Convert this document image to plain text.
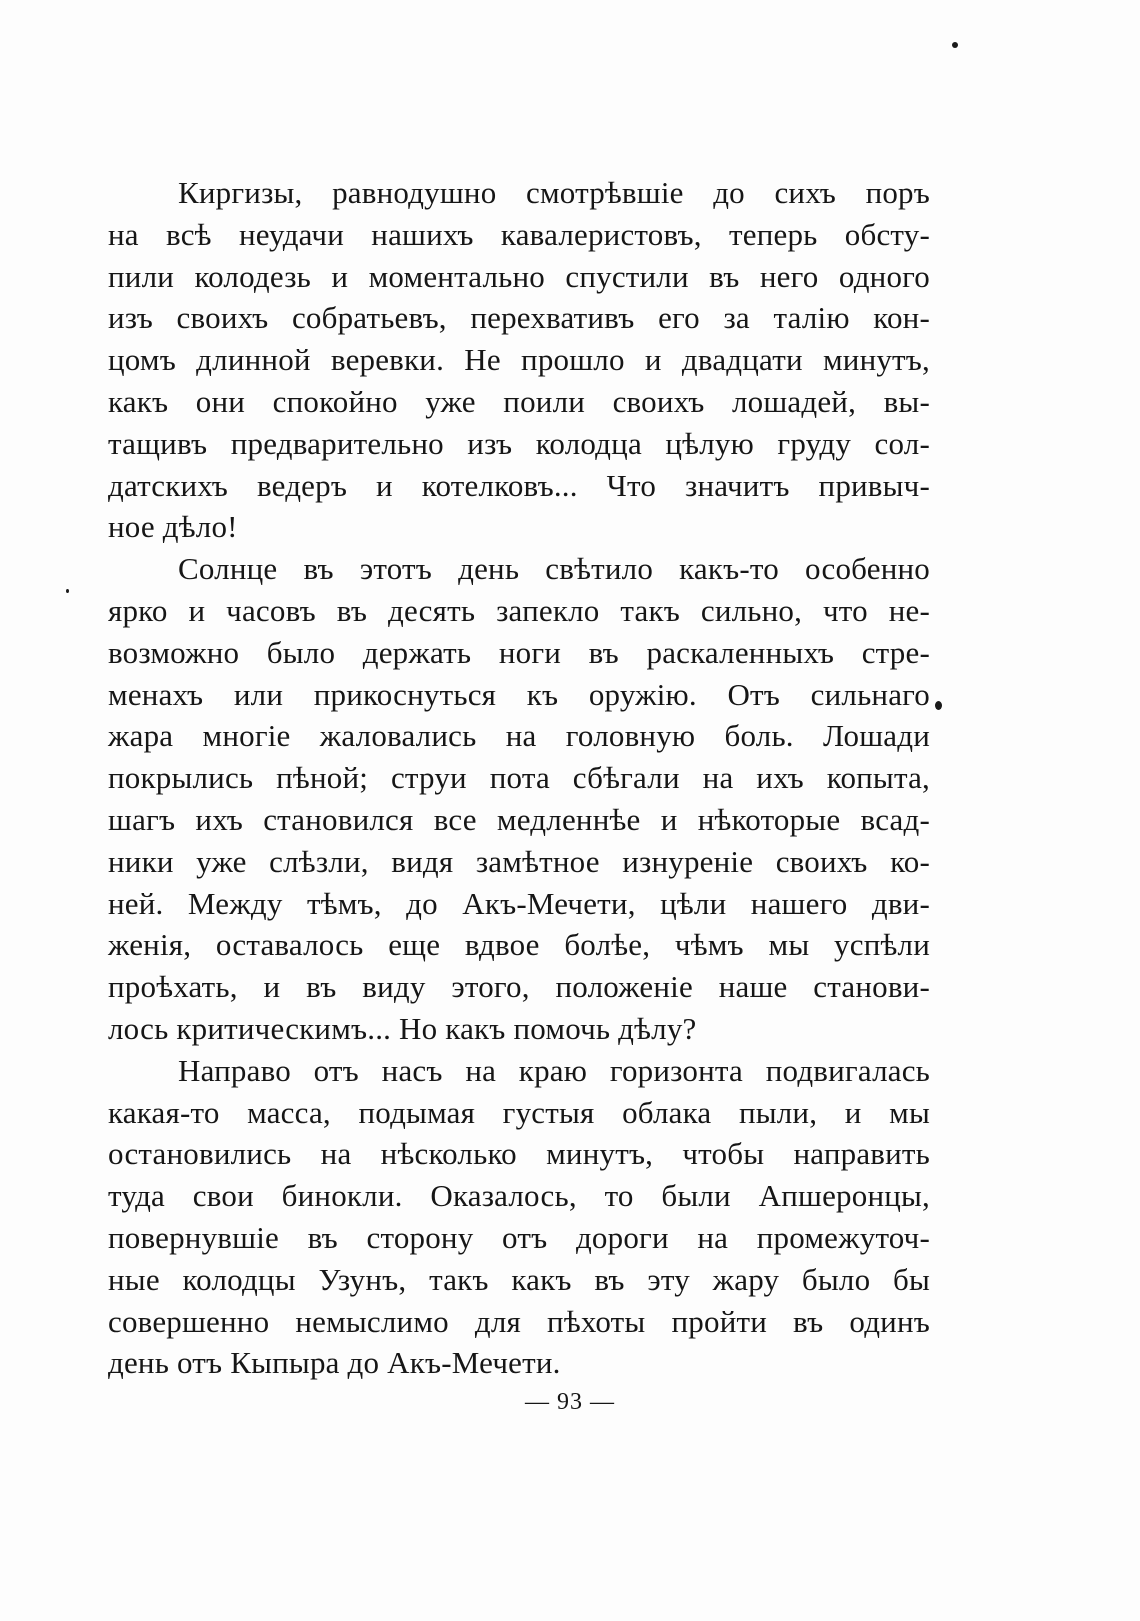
Киргизы, равнодушно смотрѣвшіе до сихъ поръ
на всѣ неудачи нашихъ кавалеристовъ, теперь обсту-
пили колодезь и моментально спустили въ него одного
изъ своихъ собратьевъ, перехвативъ его за талію кон-
цомъ длинной веревки. Не прошло и двадцати минутъ,
какъ они спокойно уже поили своихъ лошадей, вы-
тащивъ предварительно изъ колодца цѣлую груду сол-
датскихъ ведеръ и котелковъ... Что значитъ привыч-
ное дѣло!
Солнце въ этотъ день свѣтило какъ-то особенно
ярко и часовъ въ десять запекло такъ сильно, что не-
возможно было держать ноги въ раскаленныхъ стре-
менахъ или прикоснуться къ оружію. Отъ сильнаго
жара многіе жаловались на головную боль. Лошади
покрылись пѣной; струи пота сбѣгали на ихъ копыта,
шагъ ихъ становился все медленнѣе и нѣкоторые всад-
ники уже слѣзли, видя замѣтное изнуреніе своихъ ко-
ней. Между тѣмъ, до Акъ-Мечети, цѣли нашего дви-
женія, оставалось еще вдвое болѣе, чѣмъ мы успѣли
проѣхать, и въ виду этого, положеніе наше станови-
лось критическимъ... Но какъ помочь дѣлу?
Направо отъ насъ на краю горизонта подвигалась
какая-то масса, подымая густыя облака пыли, и мы
остановились на нѣсколько минутъ, чтобы направить
туда свои бинокли. Оказалось, то были Апшеронцы,
повернувшіе въ сторону отъ дороги на промежуточ-
ные колодцы Узунъ, такъ какъ въ эту жару было бы
совершенно немыслимо для пѣхоты пройти въ одинъ
день отъ Кыпыра до Акъ-Мечети.
— 93 —
